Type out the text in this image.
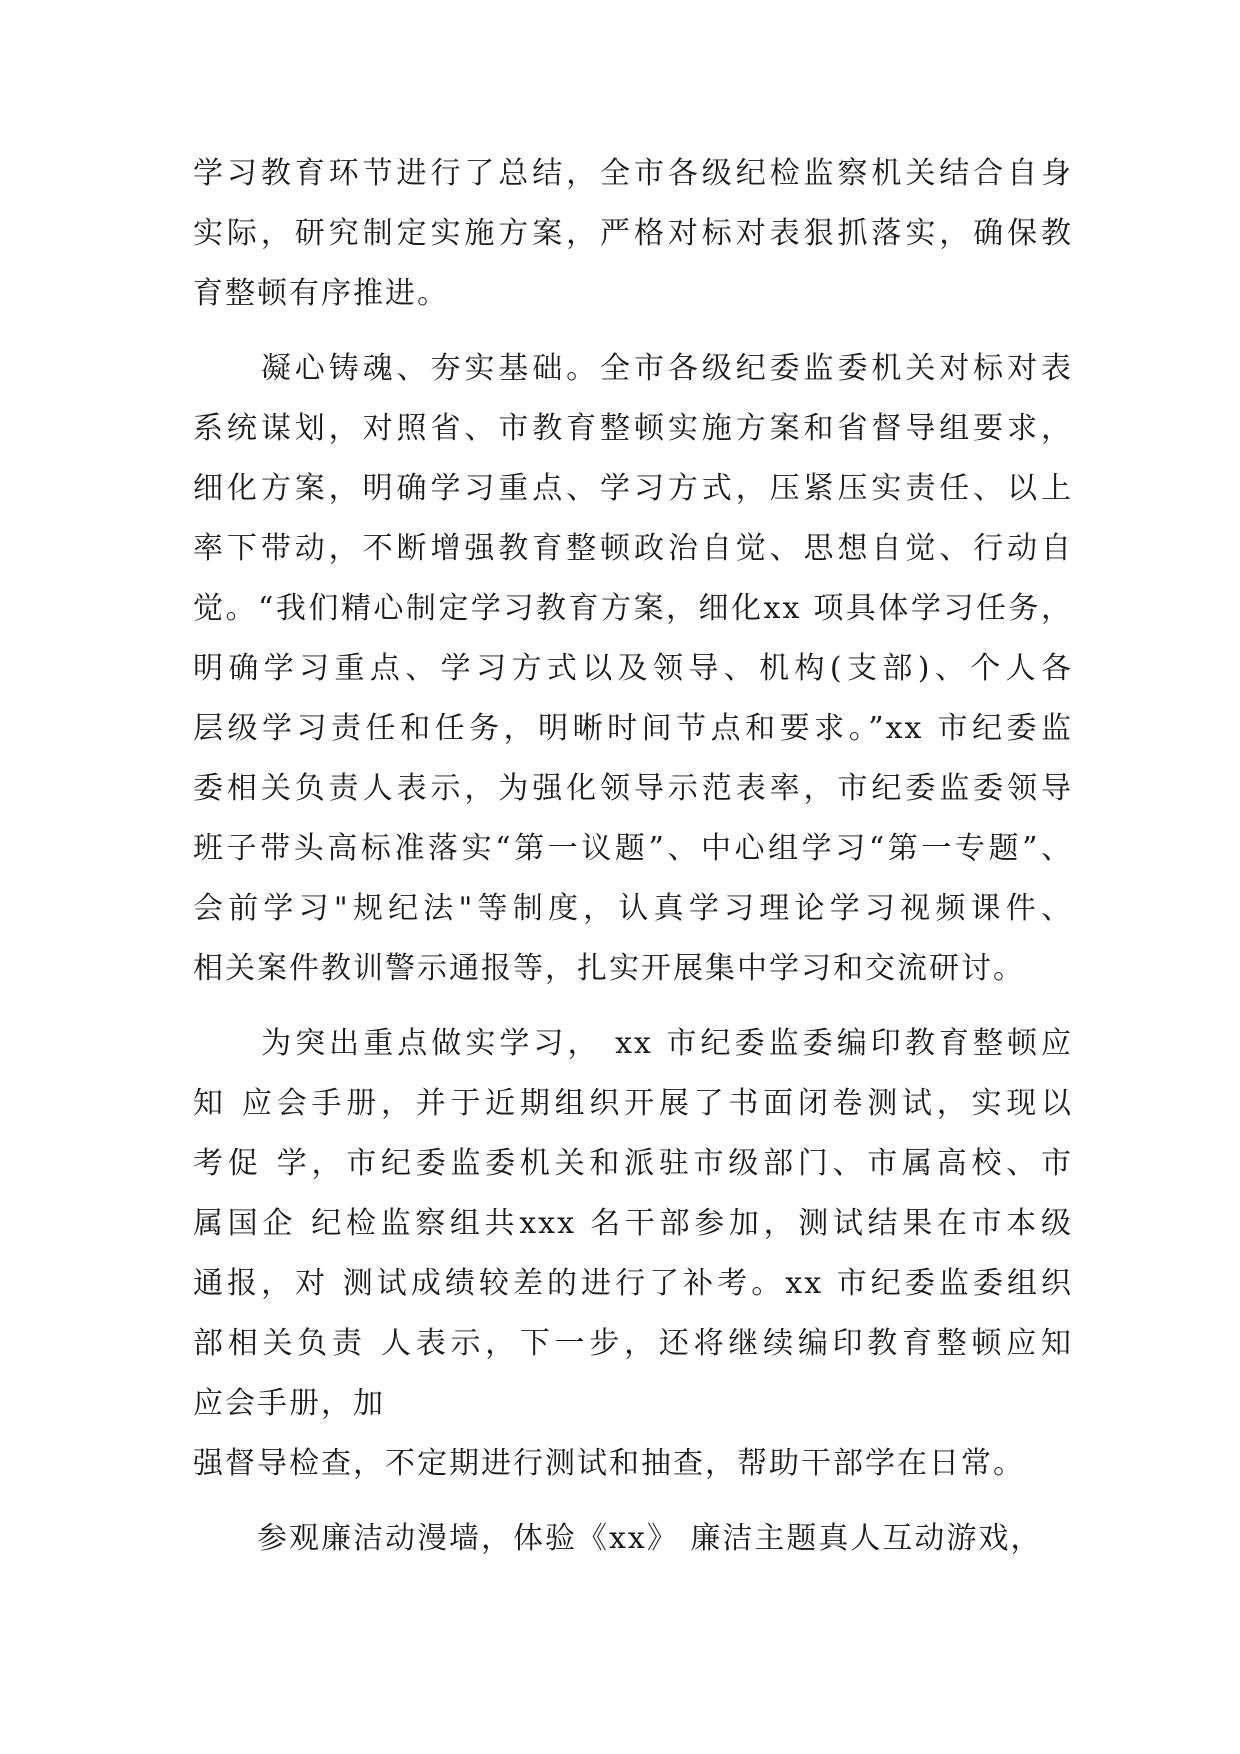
学习教育环节进行了总结，全市各级纪检监察机关结合自身
实际，研究制定实施方案，严格对标对表狠抓落实，确保教
育整顿有序推进。
　　凝心铸魂、夯实基础。全市各级纪委监委机关对标对表
系统谋划，对照省、市教育整顿实施方案和省督导组要求，
细化方案，明确学习重点、学习方式，压紧压实责任、以上
率下带动，不断增强教育整顿政治自觉、思想自觉、行动自
觉。“我们精心制定学习教育方案，细化xx 项具体学习任务，
明确学习重点、学习方式以及领导、机构(支部)、个人各
层级学习责任和任务，明晰时间节点和要求。”xx 市纪委监
委相关负责人表示，为强化领导示范表率，市纪委监委领导
班子带头高标准落实“第一议题”、中心组学习“第一专题”、
会前学习"规纪法"等制度，认真学习理论学习视频课件、
相关案件教训警示通报等，扎实开展集中学习和交流研讨。
　　为突出重点做实学习， xx 市纪委监委编印教育整顿应
知 应会手册，并于近期组织开展了书面闭卷测试，实现以
考促 学，市纪委监委机关和派驻市级部门、市属高校、市
属国企 纪检监察组共xxx 名干部参加，测试结果在市本级
通报，对 测试成绩较差的进行了补考。xx 市纪委监委组织
部相关负责 人表示，下一步，还将继续编印教育整顿应知
应会手册，加
强督导检查，不定期进行测试和抽查，帮助干部学在日常。
　　参观廉洁动漫墙，体验《xx》 廉洁主题真人互动游戏，
